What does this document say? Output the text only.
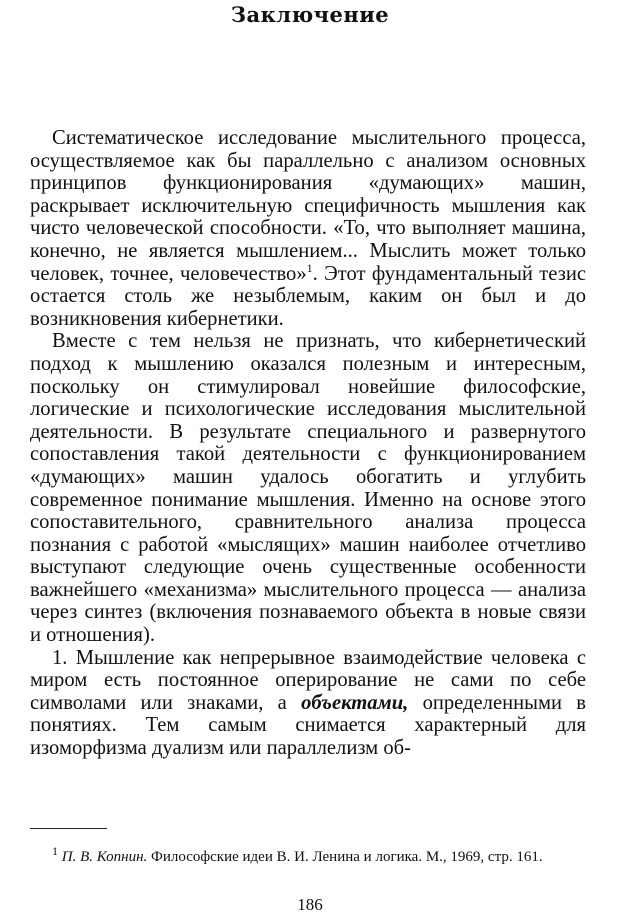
Заключение

Систематическое исследование мыслительного процесса, осуществляемое как бы параллельно с анализом основных принципов функционирования «думающих» машин, раскрывает исключительную специфичность мышления как чисто человеческой способности. «То, что выполняет машина, конечно, не является мышлением... Мыслить может только человек, точнее, человечество»$^1$. Этот фундаментальный тезис остается столь же незыблемым, каким он был и до возникновения кибернетики.

Вместе с тем нельзя не признать, что кибернетический подход к мышлению оказался полезным и интересным, поскольку он стимулировал новейшие философские, логические и психологические исследования мыслительной деятельности. В результате специального и развернутого сопоставления такой деятельности с функционированием «думающих» машин удалось обогатить и углубить современное понимание мышления. Именно на основе этого сопоставительного, сравнительного анализа процесса познания с работой «мыслящих» машин наиболее отчетливо выступают следующие очень существенные особенности важнейшего «механизма» мыслительного процесса — анализа через синтез (включения познаваемого объекта в новые связи и отношения).

1. Мышление как непрерывное взаимодействие человека с миром есть постоянное оперирование не сами по себе символами или знаками, а объектами, определенными в понятиях. Тем самым снимается характерный для изоморфизма дуализм или параллелизм об-

$^1$ П. В. Копнин. Философские идеи В. И. Ленина и логика. М., 1969, стр. 161.

186
